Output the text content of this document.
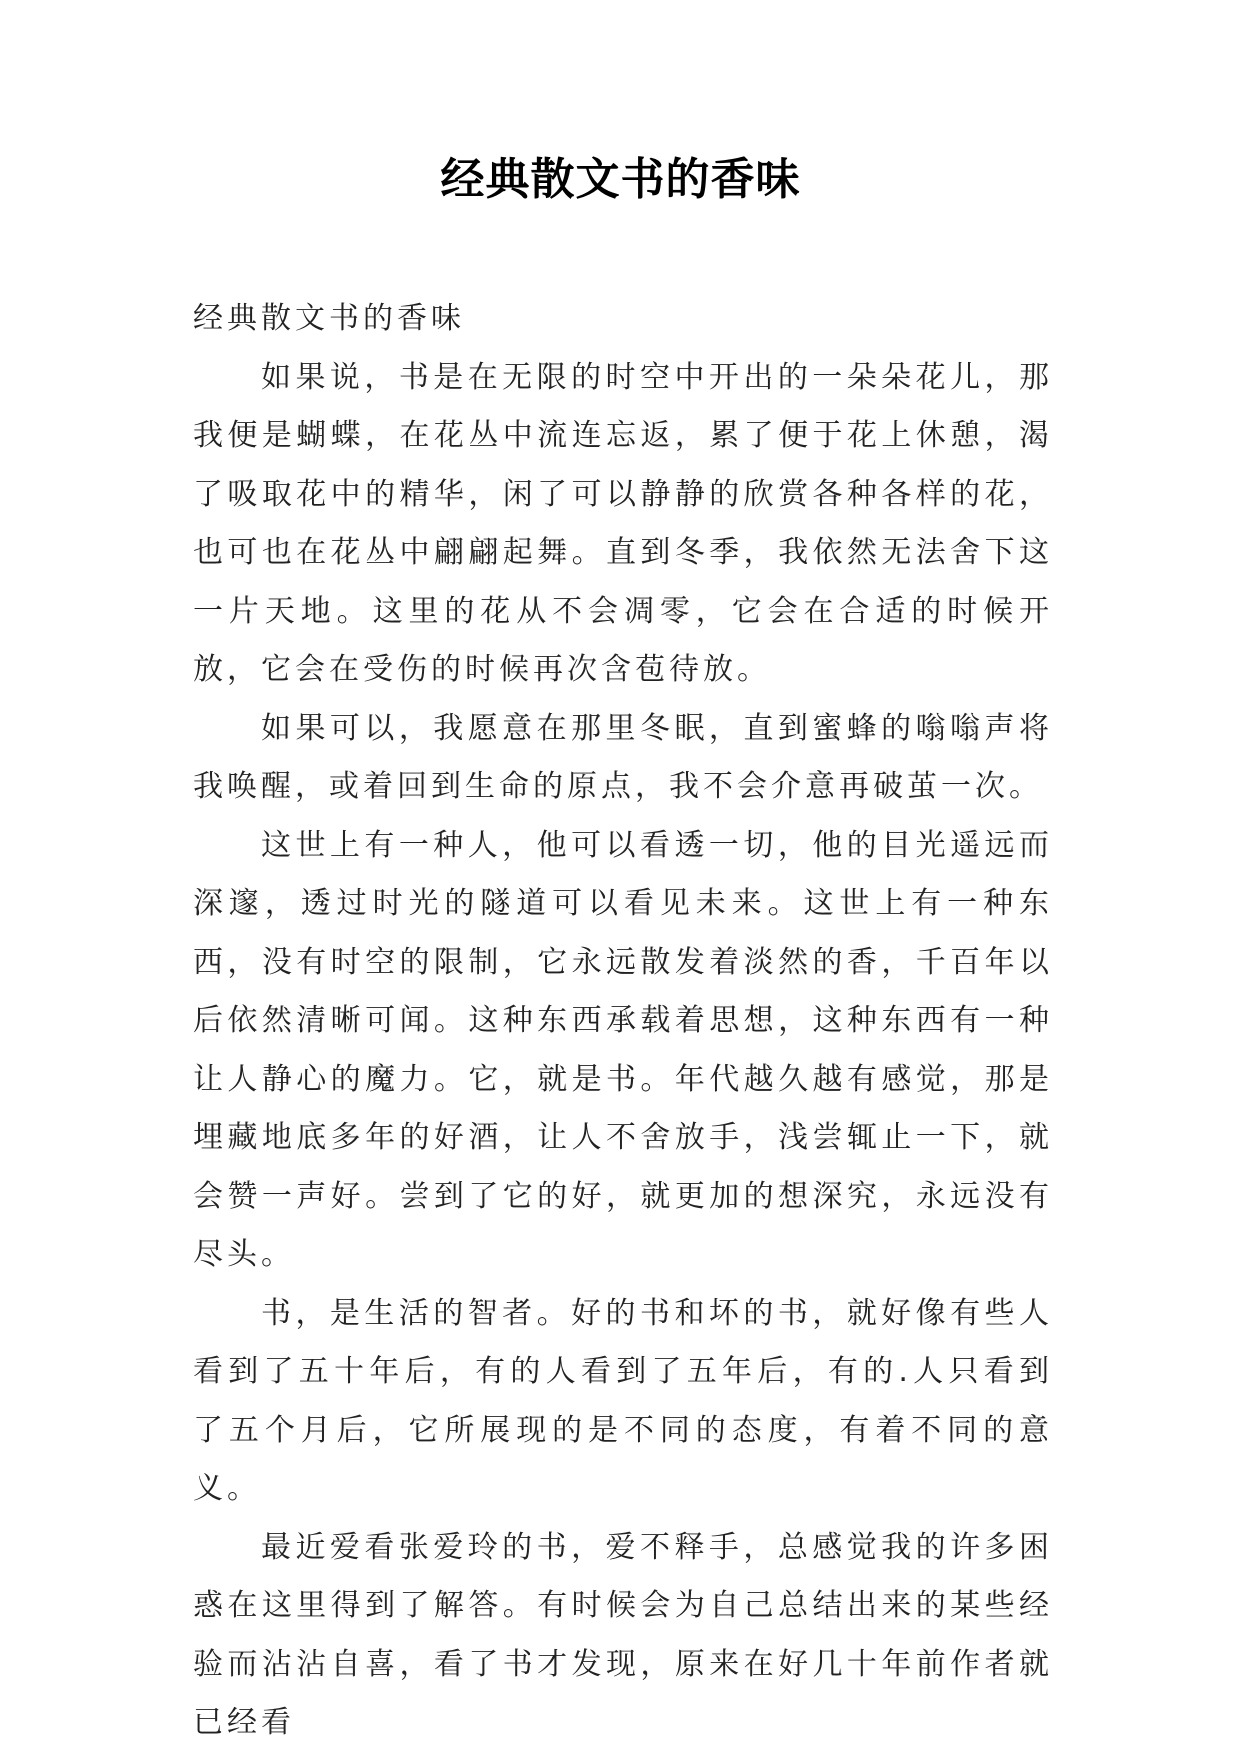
经典散文书的香味

经典散文书的香味

如果说，书是在无限的时空中开出的一朵朵花儿，那我便是蝴蝶，在花丛中流连忘返，累了便于花上休憩，渴了吸取花中的精华，闲了可以静静的欣赏各种各样的花，也可也在花丛中翩翩起舞。直到冬季，我依然无法舍下这一片天地。这里的花从不会凋零，它会在合适的时候开放，它会在受伤的时候再次含苞待放。

如果可以，我愿意在那里冬眠，直到蜜蜂的嗡嗡声将我唤醒，或着回到生命的原点，我不会介意再破茧一次。

这世上有一种人，他可以看透一切，他的目光遥远而深邃，透过时光的隧道可以看见未来。这世上有一种东西，没有时空的限制，它永远散发着淡然的香，千百年以后依然清晰可闻。这种东西承载着思想，这种东西有一种让人静心的魔力。它，就是书。年代越久越有感觉，那是埋藏地底多年的好酒，让人不舍放手，浅尝辄止一下，就会赞一声好。尝到了它的好，就更加的想深究，永远没有尽头。

书，是生活的智者。好的书和坏的书，就好像有些人看到了五十年后，有的人看到了五年后，有的.人只看到了五个月后，它所展现的是不同的态度，有着不同的意义。

最近爱看张爱玲的书，爱不释手，总感觉我的许多困惑在这里得到了解答。有时候会为自己总结出来的某些经验而沾沾自喜，看了书才发现，原来在好几十年前作者就已经看
